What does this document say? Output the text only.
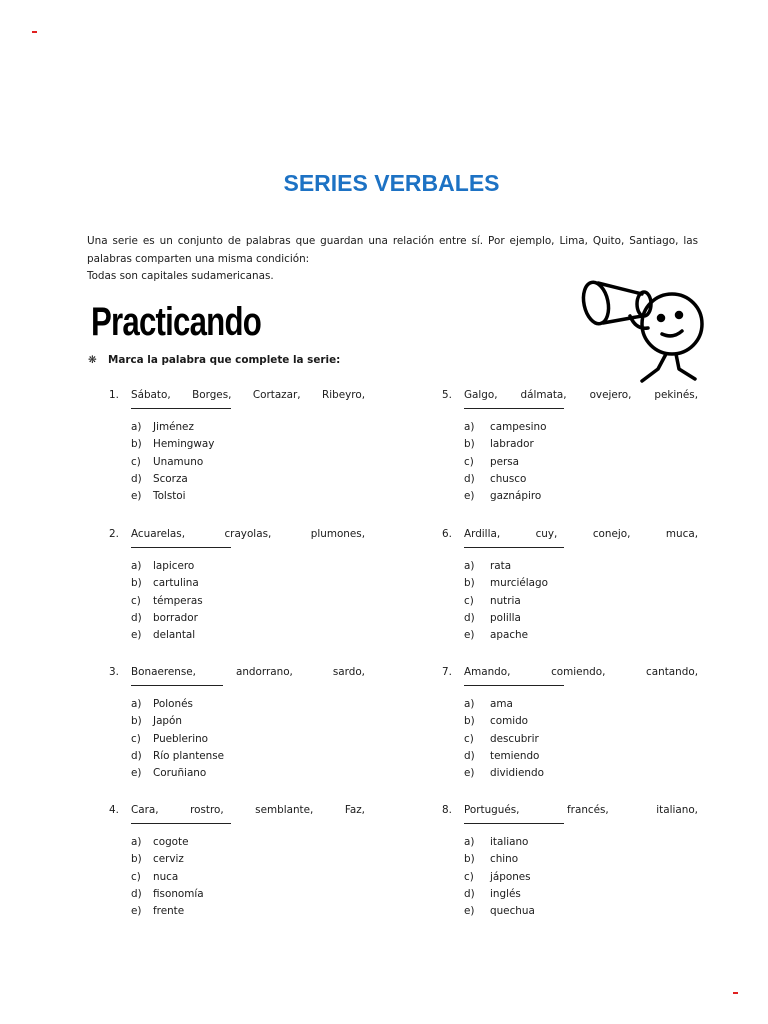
SERIES VERBALES

Una serie es un conjunto de palabras que guardan una relación entre sí. Por ejemplo, Lima, Quito, Santiago, las palabras comparten una misma condición:

Todas son capitales sudamericanas.

Practicando
❋ Marca la palabra que complete la serie:
1. Sábato, Borges, Cortazar, Ribeyro,
a) Jiménez
b) Hemingway
c) Unamuno
d) Scorza
e) Tolstoi
2. Acuarelas,	crayolas,	plumones,
a) lapicero
b) cartulina
c) témperas
d) borrador
e) delantal
3. Bonaerense,	andorrano,	sardo,
a) Polonés
b) Japón
c) Pueblerino
d) Río plantense
e) Coruñiano
4. Cara,	rostro,	semblante,	Faz,
a) cogote
b) cerviz
c) nuca
d) fisonomía
e) frente
5. Galgo, dálmata, ovejero, pekinés,
a) campesino
b) labrador
c) persa
d) chusco
e) gaznápiro
6. Ardilla,	cuy,	conejo,	muca,
a) rata
b) murciélago
c) nutria
d) polilla
e) apache
7. Amando,	comiendo,	cantando,
a) ama
b) comido
c) descubrir
d) temiendo
e) dividiendo
8. Portugués,	francés,	italiano,
a) italiano
b) chino
c) jápones
d) inglés
e) quechua
